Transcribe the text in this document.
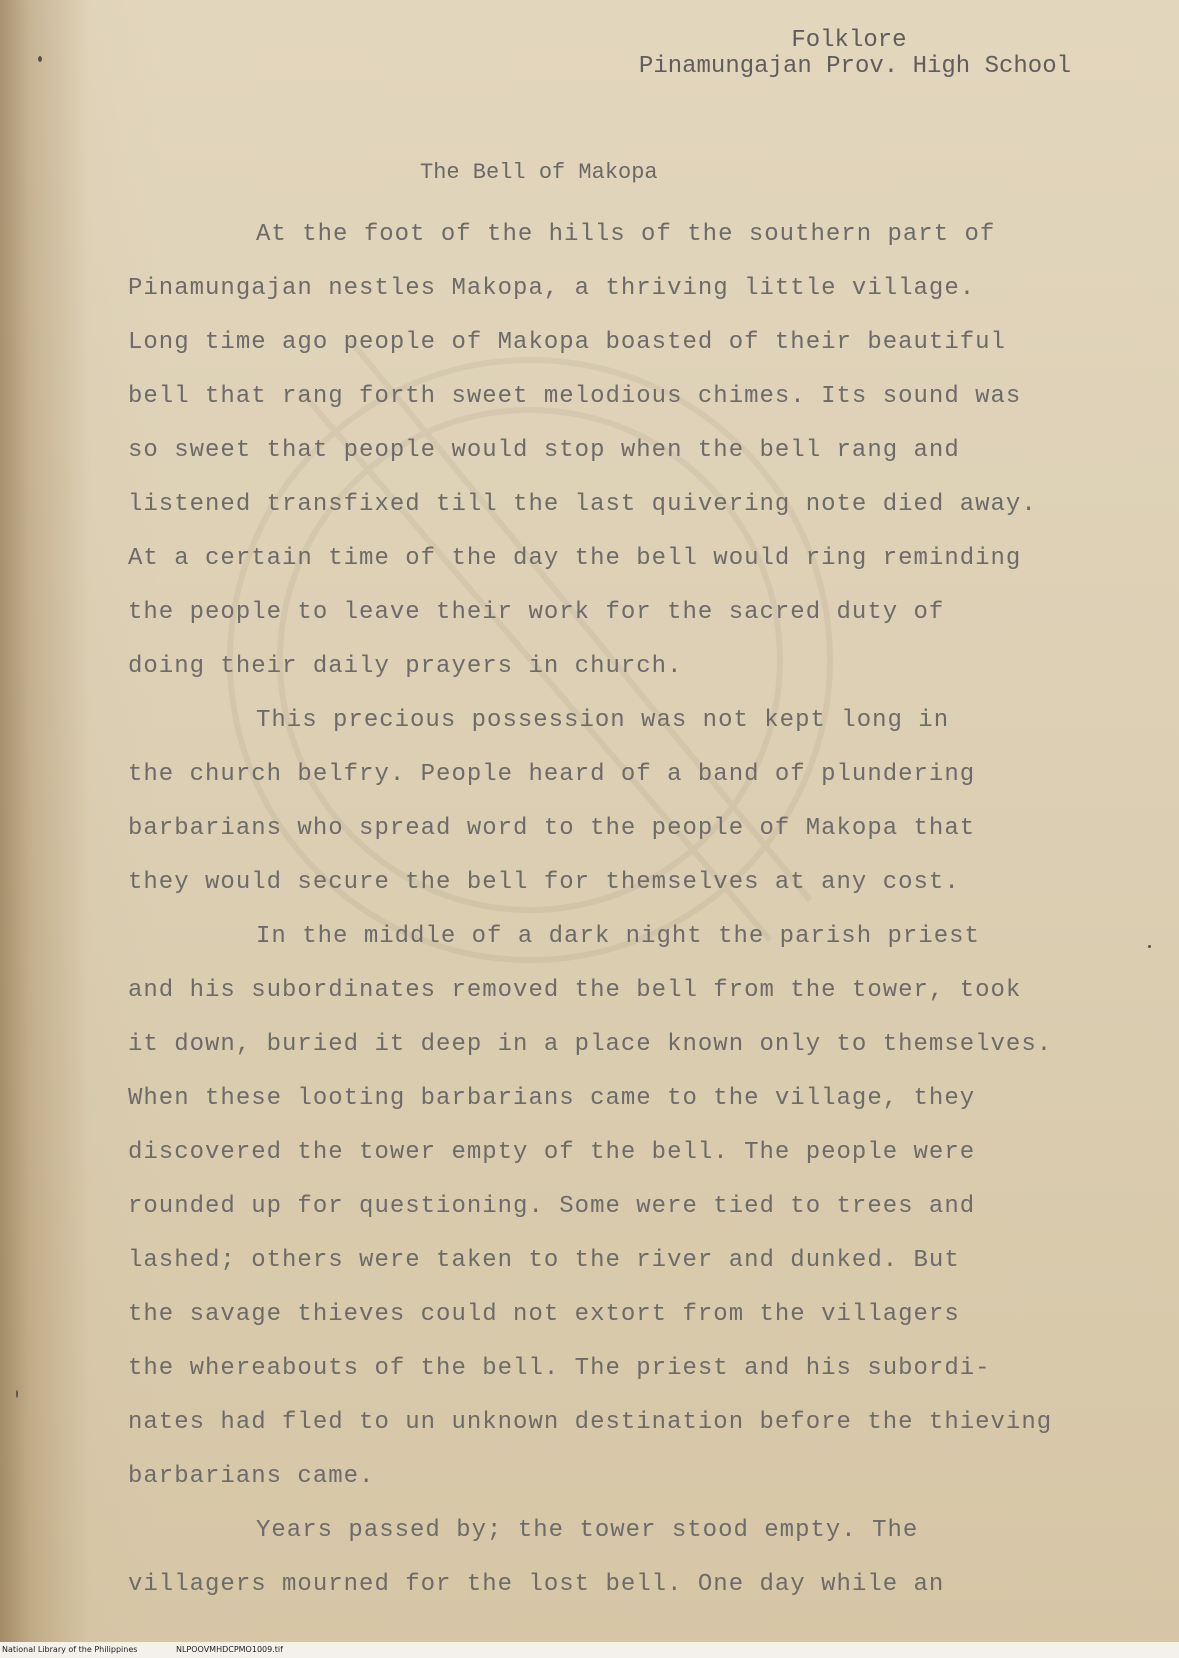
Folklore
Pinamungajan Prov. High School
The Bell of Makopa
At the foot of the hills of the southern part of
Pinamungajan nestles Makopa, a thriving little village.
Long time ago people of Makopa boasted of their beautiful
bell that rang forth sweet melodious chimes. Its sound was
so sweet that people would stop when the bell rang and
listened transfixed till the last quivering note died away.
At a certain time of the day the bell would ring reminding
the people to leave their work for the sacred duty of
doing their daily prayers in church.
This precious possession was not kept long in
the church belfry. People heard of a band of plundering
barbarians who spread word to the people of Makopa that
they would secure the bell for themselves at any cost.
In the middle of a dark night the parish priest
and his subordinates removed the bell from the tower, took
it down, buried it deep in a place known only to themselves.
When these looting barbarians came to the village, they
discovered the tower empty of the bell. The people were
rounded up for questioning. Some were tied to trees and
lashed; others were taken to the river and dunked. But
the savage thieves could not extort from the villagers
the whereabouts of the bell. The priest and his subordi-
nates had fled to un unknown destination before the thieving
barbarians came.
Years passed by; the tower stood empty. The
villagers mourned for the lost bell. One day while an
National Library of the Philippines	NLPOOVMHDCPMO1009.tif
